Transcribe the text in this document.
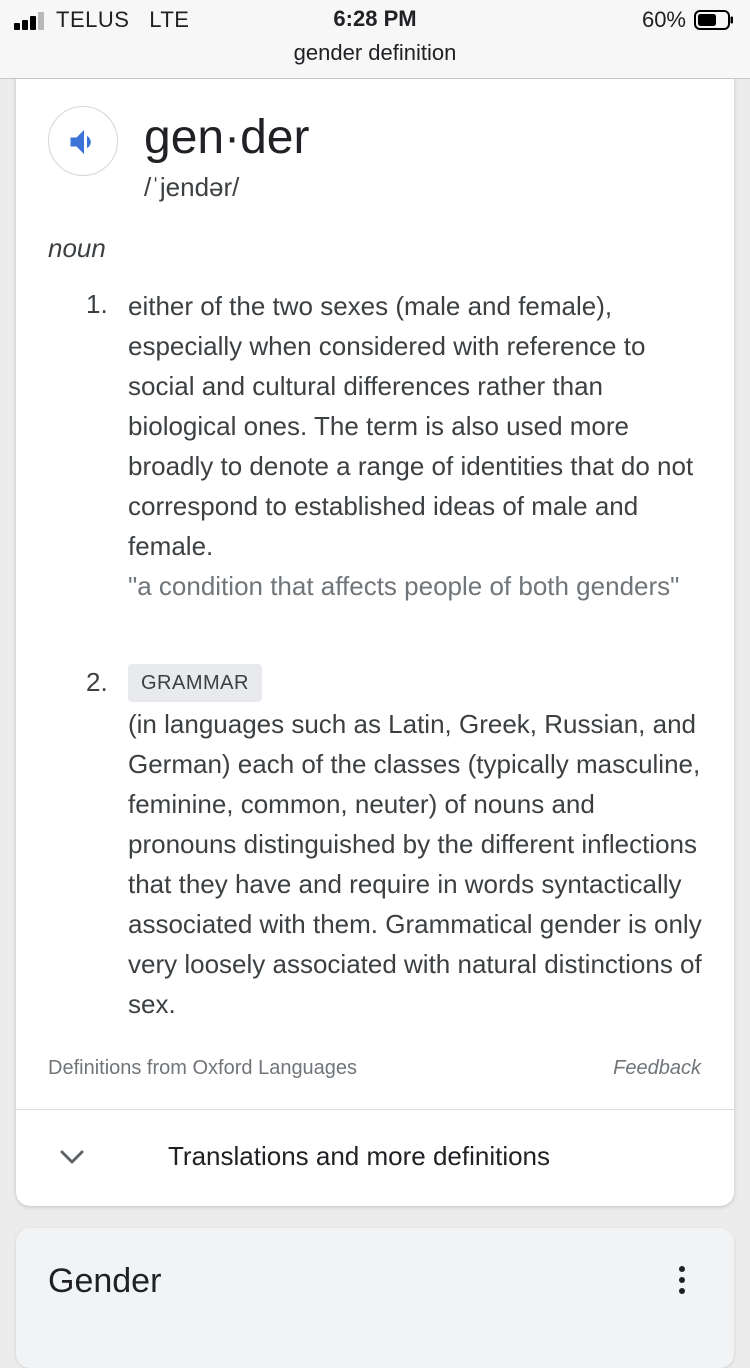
TELUS LTE	6:28 PM	60%
gender definition
gen·der
/ˈjendər/
noun
1. either of the two sexes (male and female), especially when considered with reference to social and cultural differences rather than biological ones. The term is also used more broadly to denote a range of identities that do not correspond to established ideas of male and female.
"a condition that affects people of both genders"
2.	GRAMMAR
(in languages such as Latin, Greek, Russian, and German) each of the classes (typically masculine, feminine, common, neuter) of nouns and pronouns distinguished by the different inflections that they have and require in words syntactically associated with them. Grammatical gender is only very loosely associated with natural distinctions of sex.
Definitions from Oxford Languages	Feedback
Translations and more definitions
Gender
